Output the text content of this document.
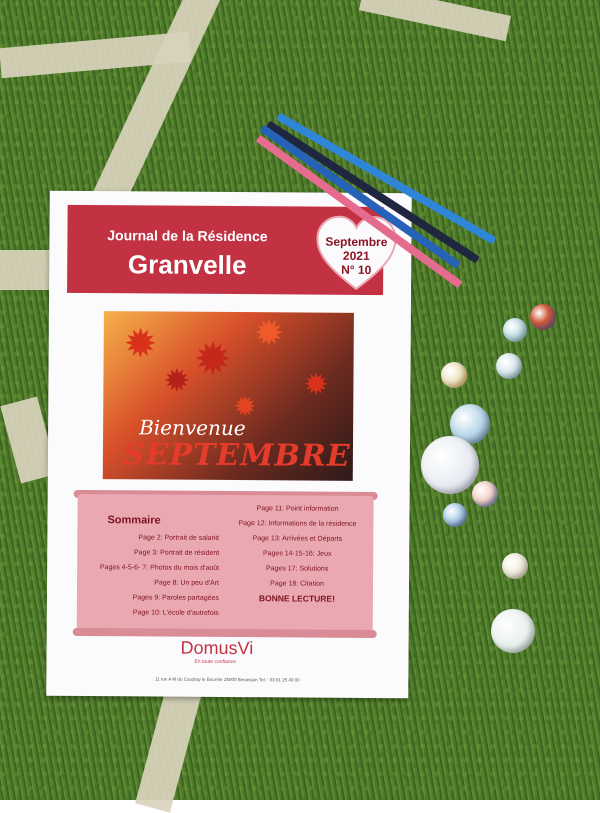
Journal de la Résidence
Granvelle
Septembre
2021
N° 10
✹ ✹ ✹
✹	✹
✹
Bienvenue
SEPTEMBRE
Sommaire
Page 2: Portrait de salarié
Page 3: Portrait de résident
Pages 4-5-6- 7: Photos du mois d'août
Page 8: Un peu d'Art
Pages 9: Paroles partagées
Page 10: L'école d'autrefois
Page 11: Point information
Page 12: Informations de la résidence
Page 13: Arrivées et Départs
Pages 14-15-16: Jeux
Pages 17: Solutions
Page 18: Citation
BONNE LECTURE!
DomusVi
En toute confiance
11 rue A M du Coudray le Bourrier 25000 Besançon Tel. : 03 81 25 40 00
